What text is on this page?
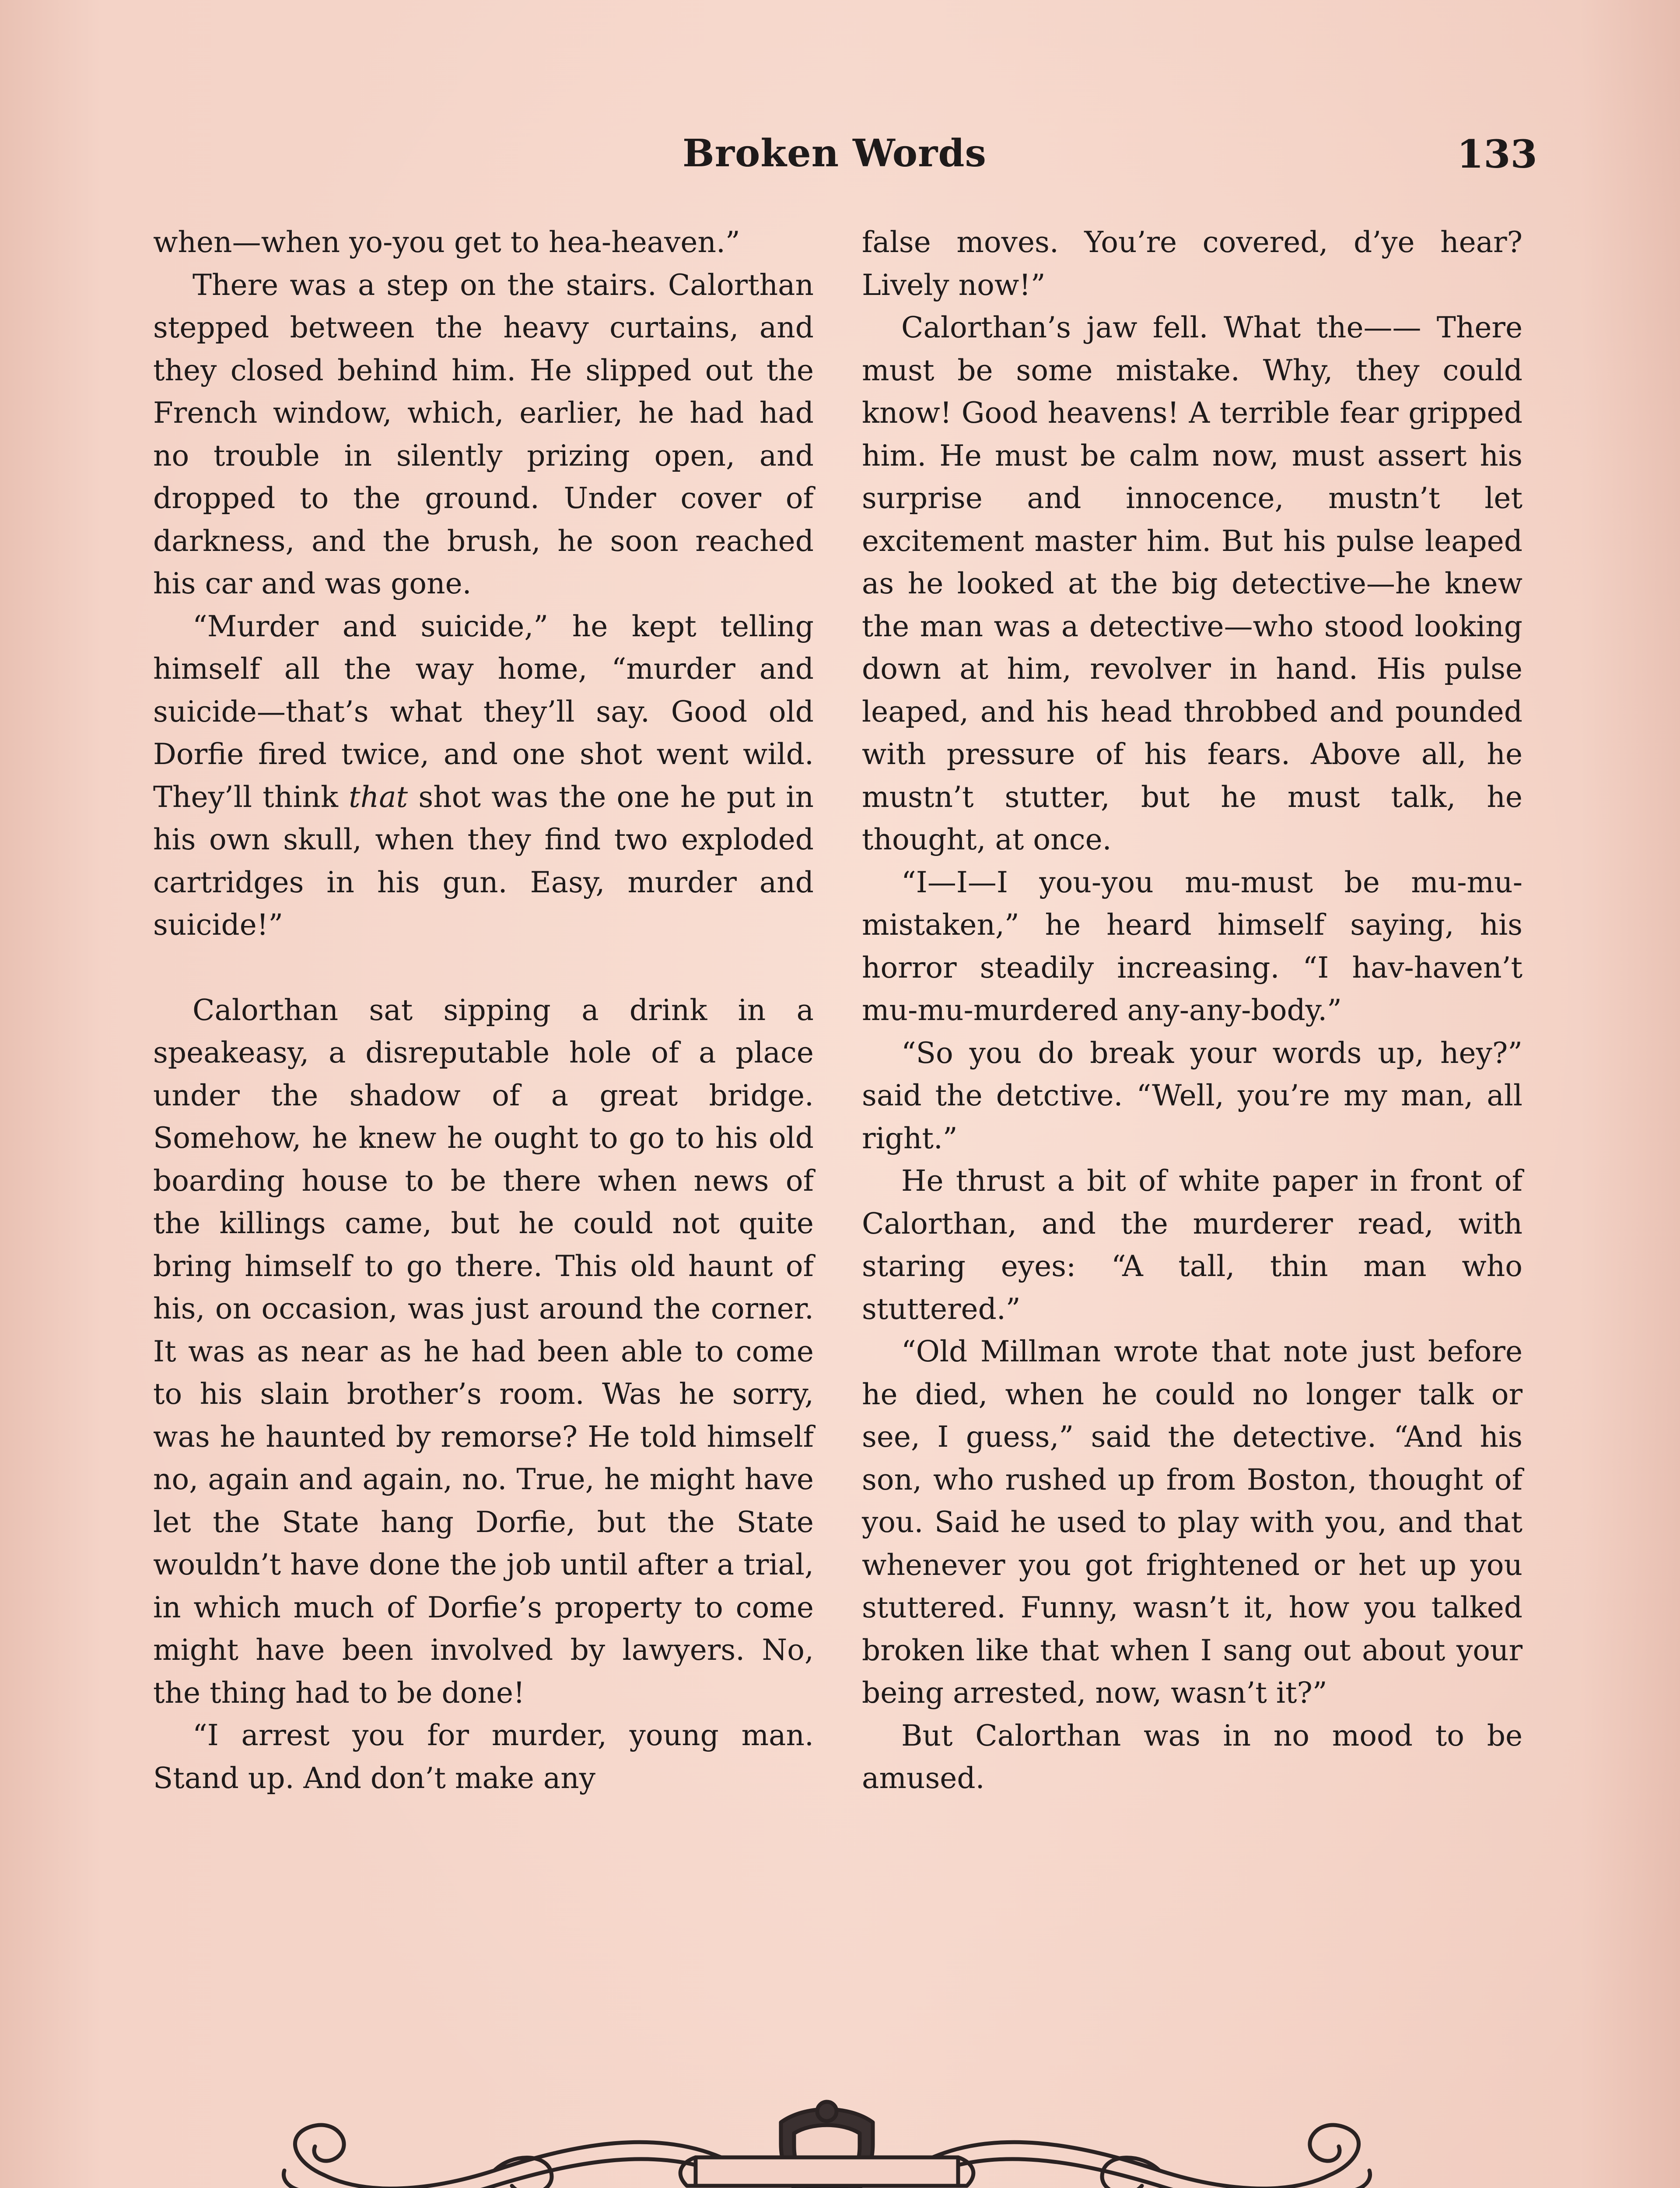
Broken Words	133

when—when yo-you get to hea-heaven.”

There was a step on the stairs. Calorthan stepped between the heavy curtains, and they closed behind him. He slipped out the French window, which, earlier, he had had no trouble in silently prizing open, and dropped to the ground. Under cover of darkness, and the brush, he soon reached his car and was gone.

“Murder and suicide,” he kept telling himself all the way home, “murder and suicide—that’s what they’ll say. Good old Dorfie fired twice, and one shot went wild. They’ll think that shot was the one he put in his own skull, when they find two exploded cartridges in his gun. Easy, murder and suicide!”

Calorthan sat sipping a drink in a speakeasy, a disreputable hole of a place under the shadow of a great bridge. Somehow, he knew he ought to go to his old boarding house to be there when news of the killings came, but he could not quite bring himself to go there. This old haunt of his, on occasion, was just around the corner. It was as near as he had been able to come to his slain brother’s room. Was he sorry, was he haunted by remorse? He told himself no, again and again, no. True, he might have let the State hang Dorfie, but the State wouldn’t have done the job until after a trial, in which much of Dorfie’s property to come might have been involved by lawyers. No, the thing had to be done!

“I arrest you for murder, young man. Stand up. And don’t make any

false moves. You’re covered, d’ye hear? Lively now!”

Calorthan’s jaw fell. What the—— There must be some mistake. Why, they could know! Good heavens! A terrible fear gripped him. He must be calm now, must assert his surprise and innocence, mustn’t let excitement master him. But his pulse leaped as he looked at the big detective—he knew the man was a detective—who stood looking down at him, revolver in hand. His pulse leaped, and his head throbbed and pounded with pressure of his fears. Above all, he mustn’t stutter, but he must talk, he thought, at once.

“I—I—I you-you mu-must be mu-mu-mistaken,” he heard himself saying, his horror steadily increasing. “I hav-haven’t mu-mu-murdered any-any-body.”

“So you do break your words up, hey?” said the detctive. “Well, you’re my man, all right.”

He thrust a bit of white paper in front of Calorthan, and the murderer read, with staring eyes: “A tall, thin man who stuttered.”

“Old Millman wrote that note just before he died, when he could no longer talk or see, I guess,” said the detective. “And his son, who rushed up from Boston, thought of you. Said he used to play with you, and that whenever you got frightened or het up you stuttered. Funny, wasn’t it, how you talked broken like that when I sang out about your being arrested, now, wasn’t it?”

But Calorthan was in no mood to be amused.
